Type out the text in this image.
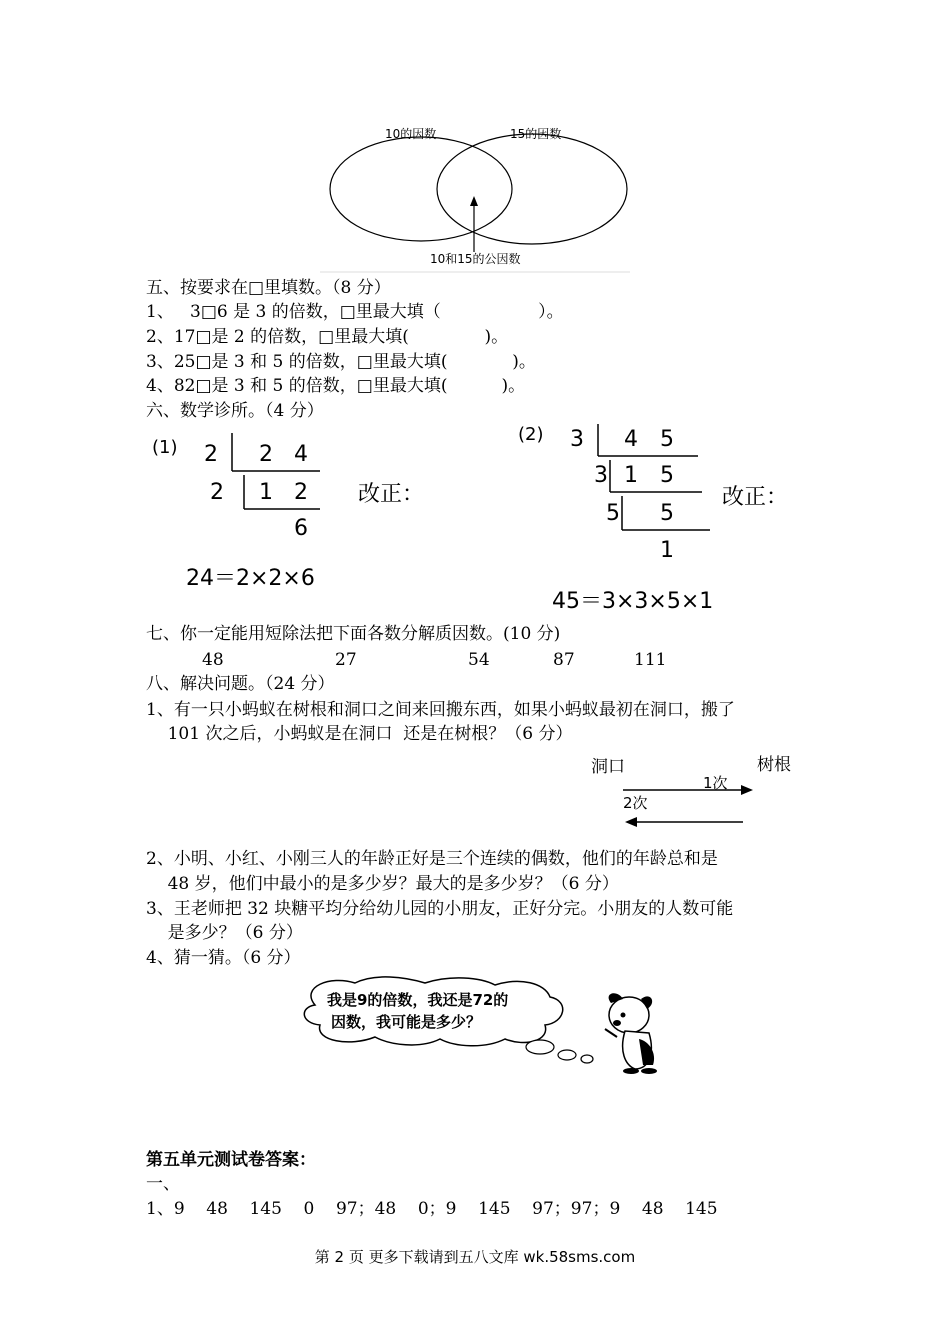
10的因数	15的因数
10和15的公因数
五、按要求在□里填数。（8 分）
1、   3□6 是 3 的倍数，□里最大填（                  ）。
2、17□是 2 的倍数，□里最大填(              )。
3、25□是 3 和 5 的倍数，□里最大填(            )。
4、82□是 3 和 5 的倍数，□里最大填(          )。
六、数学诊所。（4 分）
(1) 2 2 4
2 1 2
6
改正：
24＝2×2×6
(2) 3 4 5
3 1 5
5 5
1
改正：
45＝3×3×5×1
七、你一定能用短除法把下面各数分解质因数。(10 分)
48	27	54	87	111
八、解决问题。（24 分）
1、有一只小蚂蚁在树根和洞口之间来回搬东西，如果小蚂蚁最初在洞口，搬了
101 次之后，小蚂蚁是在洞口  还是在树根？（6 分）
洞口	树根
1次
2次
2、小明、小红、小刚三人的年龄正好是三个连续的偶数，他们的年龄总和是
48 岁，他们中最小的是多少岁？最大的是多少岁？（6 分）
3、王老师把 32 块糖平均分给幼儿园的小朋友，正好分完。小朋友的人数可能
是多少？（6 分）
4、猜一猜。（6 分）
我是9的倍数，我还是72的
因数，我可能是多少？
第五单元测试卷答案：
一、
1、9    48    145    0    97；48    0；9    145    97；97；9    48    145
第 2 页 更多下载请到五八文库 wk.58sms.com
